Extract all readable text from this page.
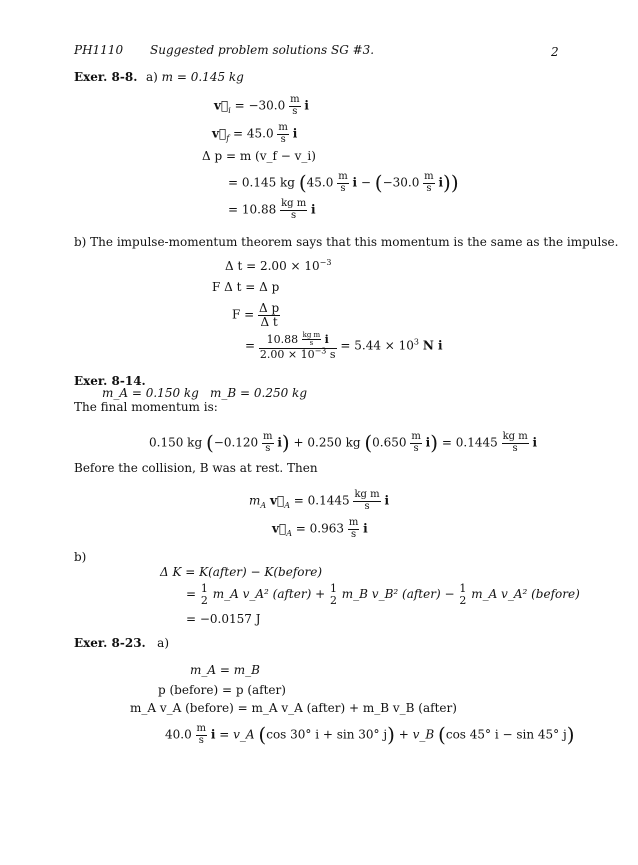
PH1110 Suggested problem solutions SG #3.	2
Exer. 8-8. a) m = 0.145 kg
$v⃗_i = -30.0 \frac{m}{s}$ i
$v⃗_f = 45.0 \frac{m}{s}$ i
Δ p = m (v_f − v_i)
= 0.145 kg ($45.0 \frac{m}{s}$ $i - (-30.0 \frac{m}{s} i)$)
= $10.88 \frac{\text{kg m}}{s}$ i
b) The impulse-momentum theorem says that this momentum is the same as the impulse.
Δ $t = 2.00 \times 10^{-3}$
F Δ t = Δ p
$F = \frac{\text{Δ p}}{\text{Δ t}}$
= $\frac{10.88 \frac{\text{kg m}}{s} i}{2.00 \times 10^{-3} s} = 5.44 \times 10^3$ N i
Exer. 8-14.
m_A = 0.150 kg m_B = 0.250 kg
The final momentum is:
0.150 kg $(-0.120 \frac{m}{s} i) + 0.250$ kg $(0.650 \frac{m}{s} i) = 0.1445 \frac{\text{kg m}}{s}$ i
Before the collision, B was at rest. Then
$m_A$ $v⃗_A = 0.1445 \frac{\text{kg m}}{s}$ i
$v⃗_A = 0.963 \frac{m}{s}$ i
b)
Δ K = K(after) − K(before)
= 1
2 m_A v_A² (after) + 1
2 m_B v_B² (after) − 1
2 m_A v_A² (before)
= −0.0157 J
Exer. 8-23. a)
m_A = m_B
p (before) = p (after)
m_A v_A (before) = m_A v_A (after) + m_B v_B (after)
$40.0 \frac{m}{s}$ i = v_A (cos 30° i + sin 30° j) + v_B (cos 45° i − sin 45° j)
